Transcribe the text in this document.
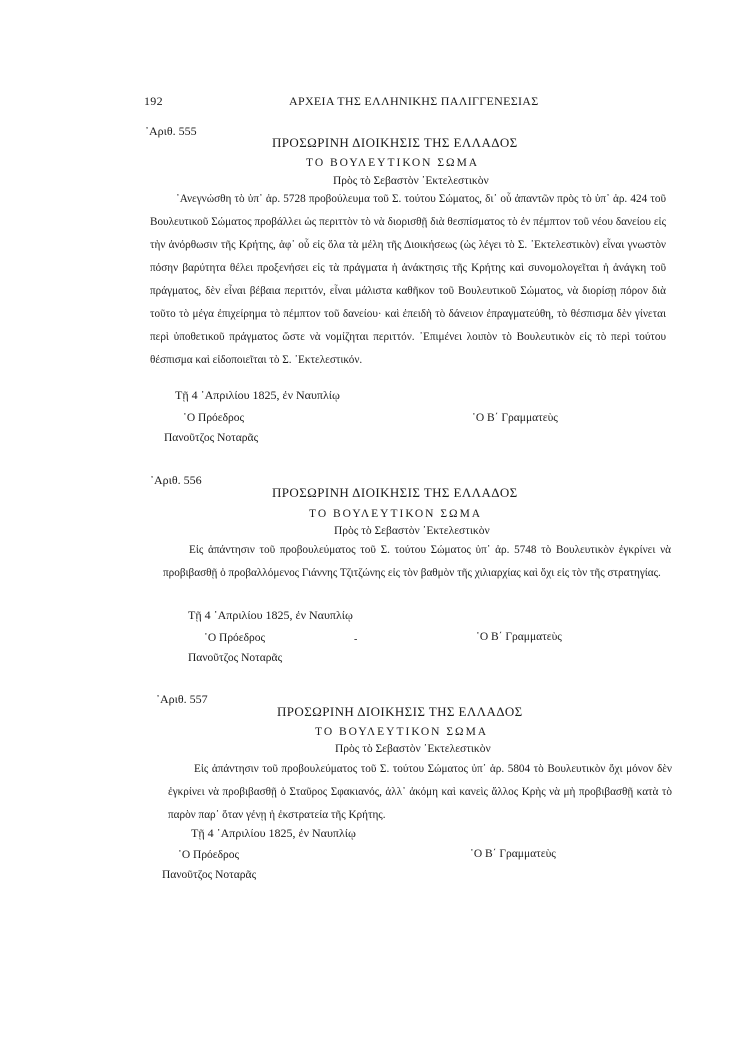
192	ΑΡΧΕΙΑ ΤΗΣ ΕΛΛΗΝΙΚΗΣ ΠΑΛΙΓΓΕΝΕΣΙΑΣ
᾿Αριθ. 555
ΠΡΟΣΩΡΙΝΗ ΔΙΟΙΚΗΣΙΣ ΤΗΣ ΕΛΛΑΔΟΣ
ΤΟ ΒΟΥΛΕΥΤΙΚΟΝ ΣΩΜΑ
Πρὸς τὸ Σεβαστὸν ᾿Εκτελεστικὸν
᾿Ανεγνώσθη τὸ ὑπ᾿ ἀρ. 5728 προβούλευμα τοῦ Σ. τούτου Σώματος, δι᾿ οὗ ἁπαντῶν πρὸς τὸ ὑπ᾿ ἀρ. 424 τοῦ Βουλευτικοῦ Σώματος προβάλλει ὡς περιττὸν τὸ νὰ διορισθῇ διὰ θεσπίσματος τὸ ἐν πέμπτον τοῦ νέου δανείου εἰς τὴν ἀνόρθωσιν τῆς Κρήτης, ἀφ᾿ οὗ εἰς ὅλα τὰ μέλη τῆς Διοικήσεως (ὡς λέγει τὸ Σ. ᾿Εκτελεστικὸν) εἶναι γνωστὸν πόσην βαρύτητα θέλει προξενήσει εἰς τὰ πράγματα ἡ ἀνάκτησις τῆς Κρήτης καὶ συνομολογεῖται ἡ ἀνάγκη τοῦ πράγματος, δὲν εἶναι βέβαια περιττόν, εἶναι μάλιστα καθῆκον τοῦ Βουλευτικοῦ Σώματος, νὰ διορίσῃ πόρον διὰ τοῦτο τὸ μέγα ἐπιχείρημα τὸ πέμπτον τοῦ δανείου· καὶ ἐπειδὴ τὸ δάνειον ἐπραγματεύθη, τὸ θέσπισμα δὲν γίνεται περὶ ὑποθετικοῦ πράγματος ὥστε νὰ νομίζηται περιττόν. ᾿Επιμένει λοιπὸν τὸ Βουλευτικὸν εἰς τὸ περὶ τούτου θέσπισμα καὶ εἰδοποιεῖται τὸ Σ. ᾿Εκτελεστικόν.
Τῇ 4 ᾿Απριλίου 1825, ἐν Ναυπλίῳ
῾Ο Πρόεδρος	῾Ο Β΄ Γραμματεὺς
Πανοῦτζος Νοταρᾶς
᾿Αριθ. 556
ΠΡΟΣΩΡΙΝΗ ΔΙΟΙΚΗΣΙΣ ΤΗΣ ΕΛΛΑΔΟΣ
ΤΟ ΒΟΥΛΕΥΤΙΚΟΝ ΣΩΜΑ
Πρὸς τὸ Σεβαστὸν ᾿Εκτελεστικὸν
Εἰς ἀπάντησιν τοῦ προβουλεύματος τοῦ Σ. τούτου Σώματος ὑπ᾿ ἀρ. 5748 τὸ Βουλευτικὸν ἐγκρίνει νὰ προβιβασθῇ ὁ προβαλλόμενος Γιάννης Τζιτζώνης εἰς τὸν βαθμὸν τῆς χιλιαρχίας καὶ ὄχι εἰς τὸν τῆς στρατηγίας.
Τῇ 4 ᾿Απριλίου 1825, ἐν Ναυπλίῳ
῾Ο Πρόεδρος	-	῾Ο Β΄ Γραμματεὺς
Πανοῦτζος Νοταρᾶς
᾿Αριθ. 557
ΠΡΟΣΩΡΙΝΗ ΔΙΟΙΚΗΣΙΣ ΤΗΣ ΕΛΛΑΔΟΣ
ΤΟ ΒΟΥΛΕΥΤΙΚΟΝ ΣΩΜΑ
Πρὸς τὸ Σεβαστὸν ᾿Εκτελεστικὸν
Εἰς ἀπάντησιν τοῦ προβουλεύματος τοῦ Σ. τούτου Σώματος ὑπ᾿ ἀρ. 5804 τὸ Βουλευτικὸν ὄχι μόνον δὲν ἐγκρίνει νὰ προβιβασθῇ ὁ Σταῦρος Σφακιανός, ἀλλ᾿ ἀκόμη καὶ κανεὶς ἄλλος Κρὴς νὰ μὴ προβιβασθῇ κατὰ τὸ παρὸν παρ᾿ ὅταν γένῃ ἡ ἐκστρατεία τῆς Κρήτης.
Τῇ 4 ᾿Απριλίου 1825, ἐν Ναυπλίῳ
῾Ο Πρόεδρος	῾Ο Β΄ Γραμματεὺς
Πανοῦτζος Νοταρᾶς
